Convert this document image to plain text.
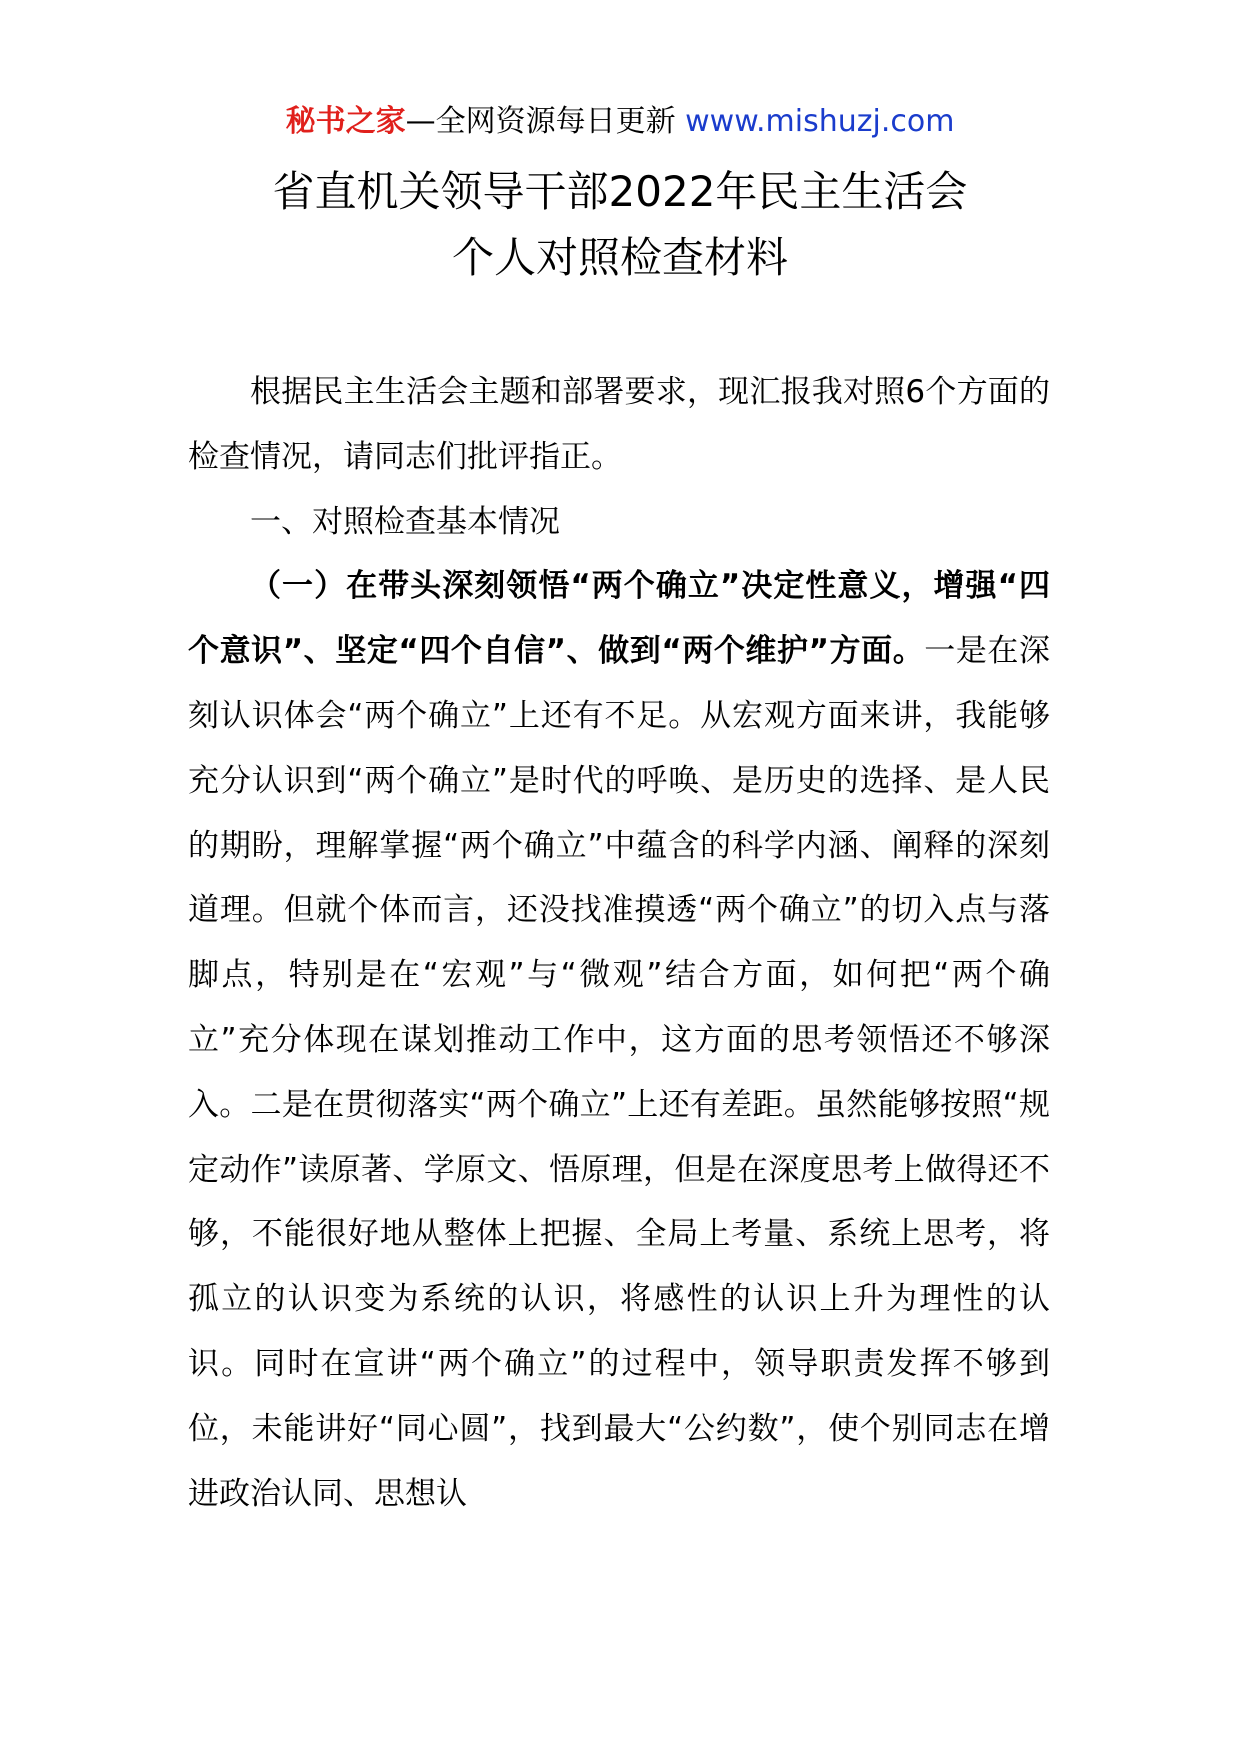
秘书之家—全网资源每日更新 www.mishuzj.com
省直机关领导干部2022年民主生活会
个人对照检查材料

根据民主生活会主题和部署要求，现汇报我对照6个方面的检查情况，请同志们批评指正。

一、对照检查基本情况

（一）在带头深刻领悟“两个确立”决定性意义，增强“四个意识”、坚定“四个自信”、做到“两个维护”方面。一是在深刻认识体会“两个确立”上还有不足。从宏观方面来讲，我能够充分认识到“两个确立”是时代的呼唤、是历史的选择、是人民的期盼，理解掌握“两个确立”中蕴含的科学内涵、阐释的深刻道理。但就个体而言，还没找准摸透“两个确立”的切入点与落脚点，特别是在“宏观”与“微观”结合方面，如何把“两个确立”充分体现在谋划推动工作中，这方面的思考领悟还不够深入。二是在贯彻落实“两个确立”上还有差距。虽然能够按照“规定动作”读原著、学原文、悟原理，但是在深度思考上做得还不够，不能很好地从整体上把握、全局上考量、系统上思考，将孤立的认识变为系统的认识，将感性的认识上升为理性的认识。同时在宣讲“两个确立”的过程中，领导职责发挥不够到位，未能讲好“同心圆”，找到最大“公约数”，使个别同志在增进政治认同、思想认
